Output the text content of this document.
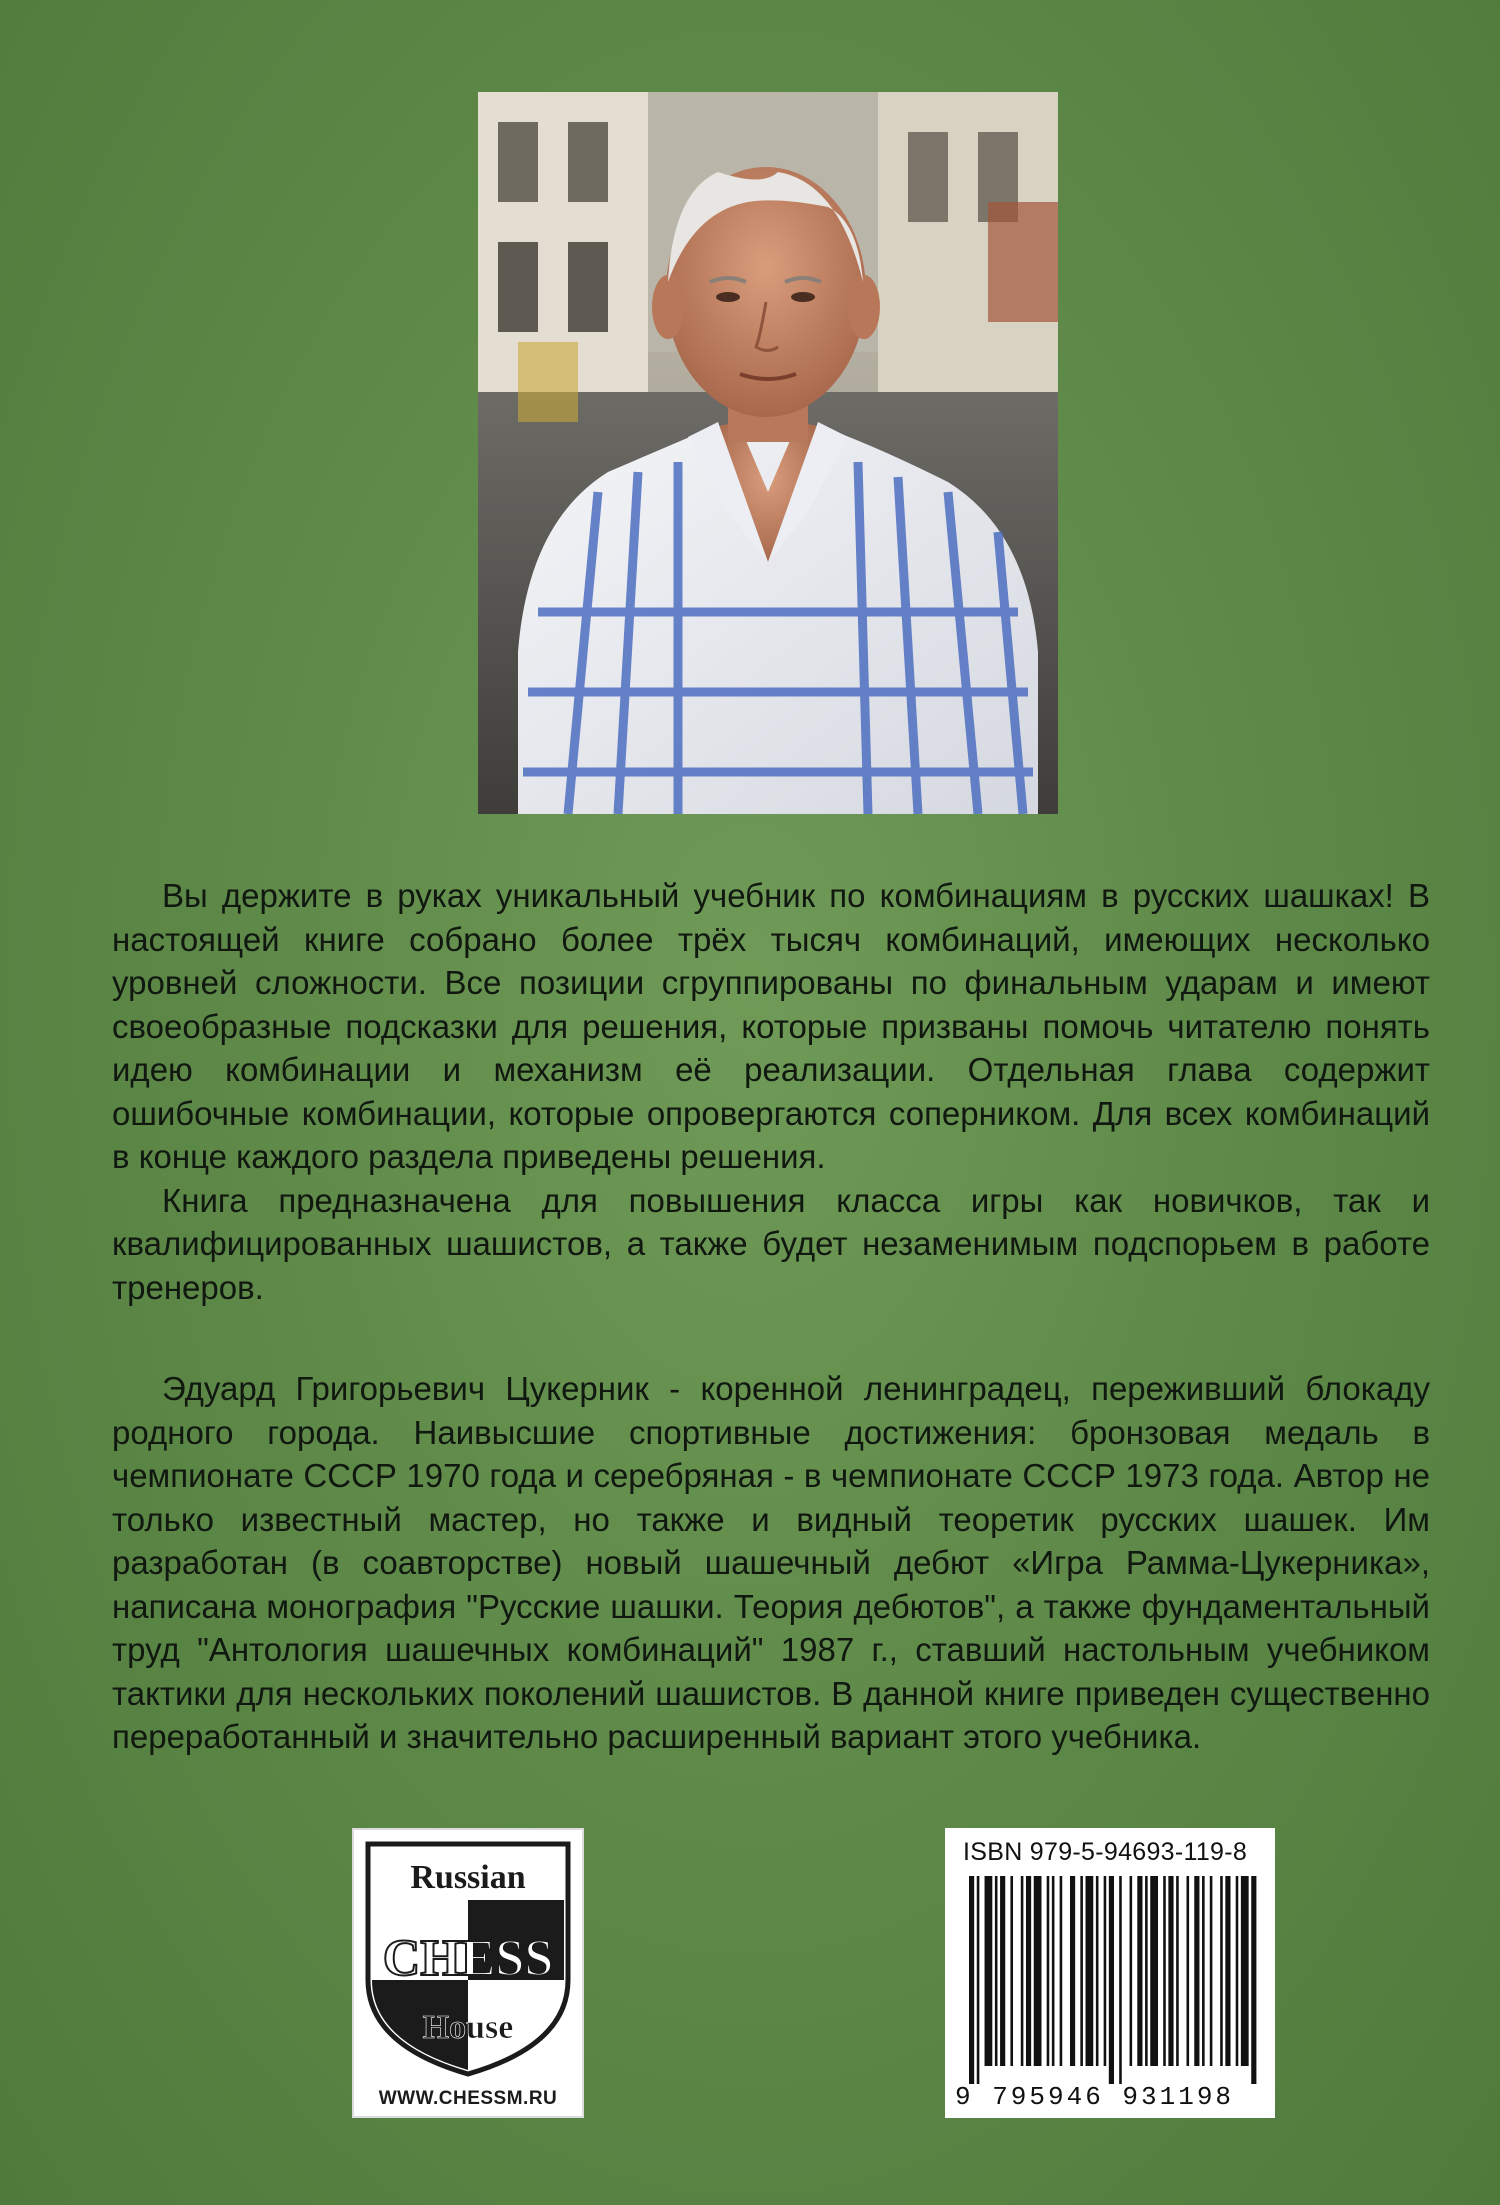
Вы держите в руках уникальный учебник по комбинациям в русских шашках! В настоящей книге собрано более трёх тысяч комбинаций, имеющих несколько уровней сложности. Все позиции сгруппированы по финальным ударам и имеют своеобразные подсказки для решения, которые призваны помочь читателю понять идею комбинации и механизм её реализации. Отдельная глава содержит ошибочные комбинации, которые опровергаются соперником. Для всех комбинаций в конце каждого раздела приведены решения.

Книга предназначена для повышения класса игры как новичков, так и квалифицированных шашистов, а также будет незаменимым подспорьем в работе тренеров.

Эдуард Григорьевич Цукерник - коренной ленинградец, переживший блокаду родного города. Наивысшие спортивные достижения: бронзовая медаль в чемпионате СССР 1970 года и серебряная - в чемпионате СССР 1973 года. Автор не только известный мастер, но также и видный теоретик русских шашек. Им разработан (в соавторстве) новый шашечный дебют «Игра Рамма-Цукерника», написана монография "Русские шашки. Теория дебютов", а также фундаментальный труд "Антология шашечных комбинаций" 1987 г., ставший настольным учебником тактики для нескольких поколений шашистов. В данной книге приведен существенно переработанный и значительно расширенный вариант этого учебника.

Russian
CHESS
House
WWW.CHESSM.RU
ISBN 979-5-94693-119-8
9 795946 931198
